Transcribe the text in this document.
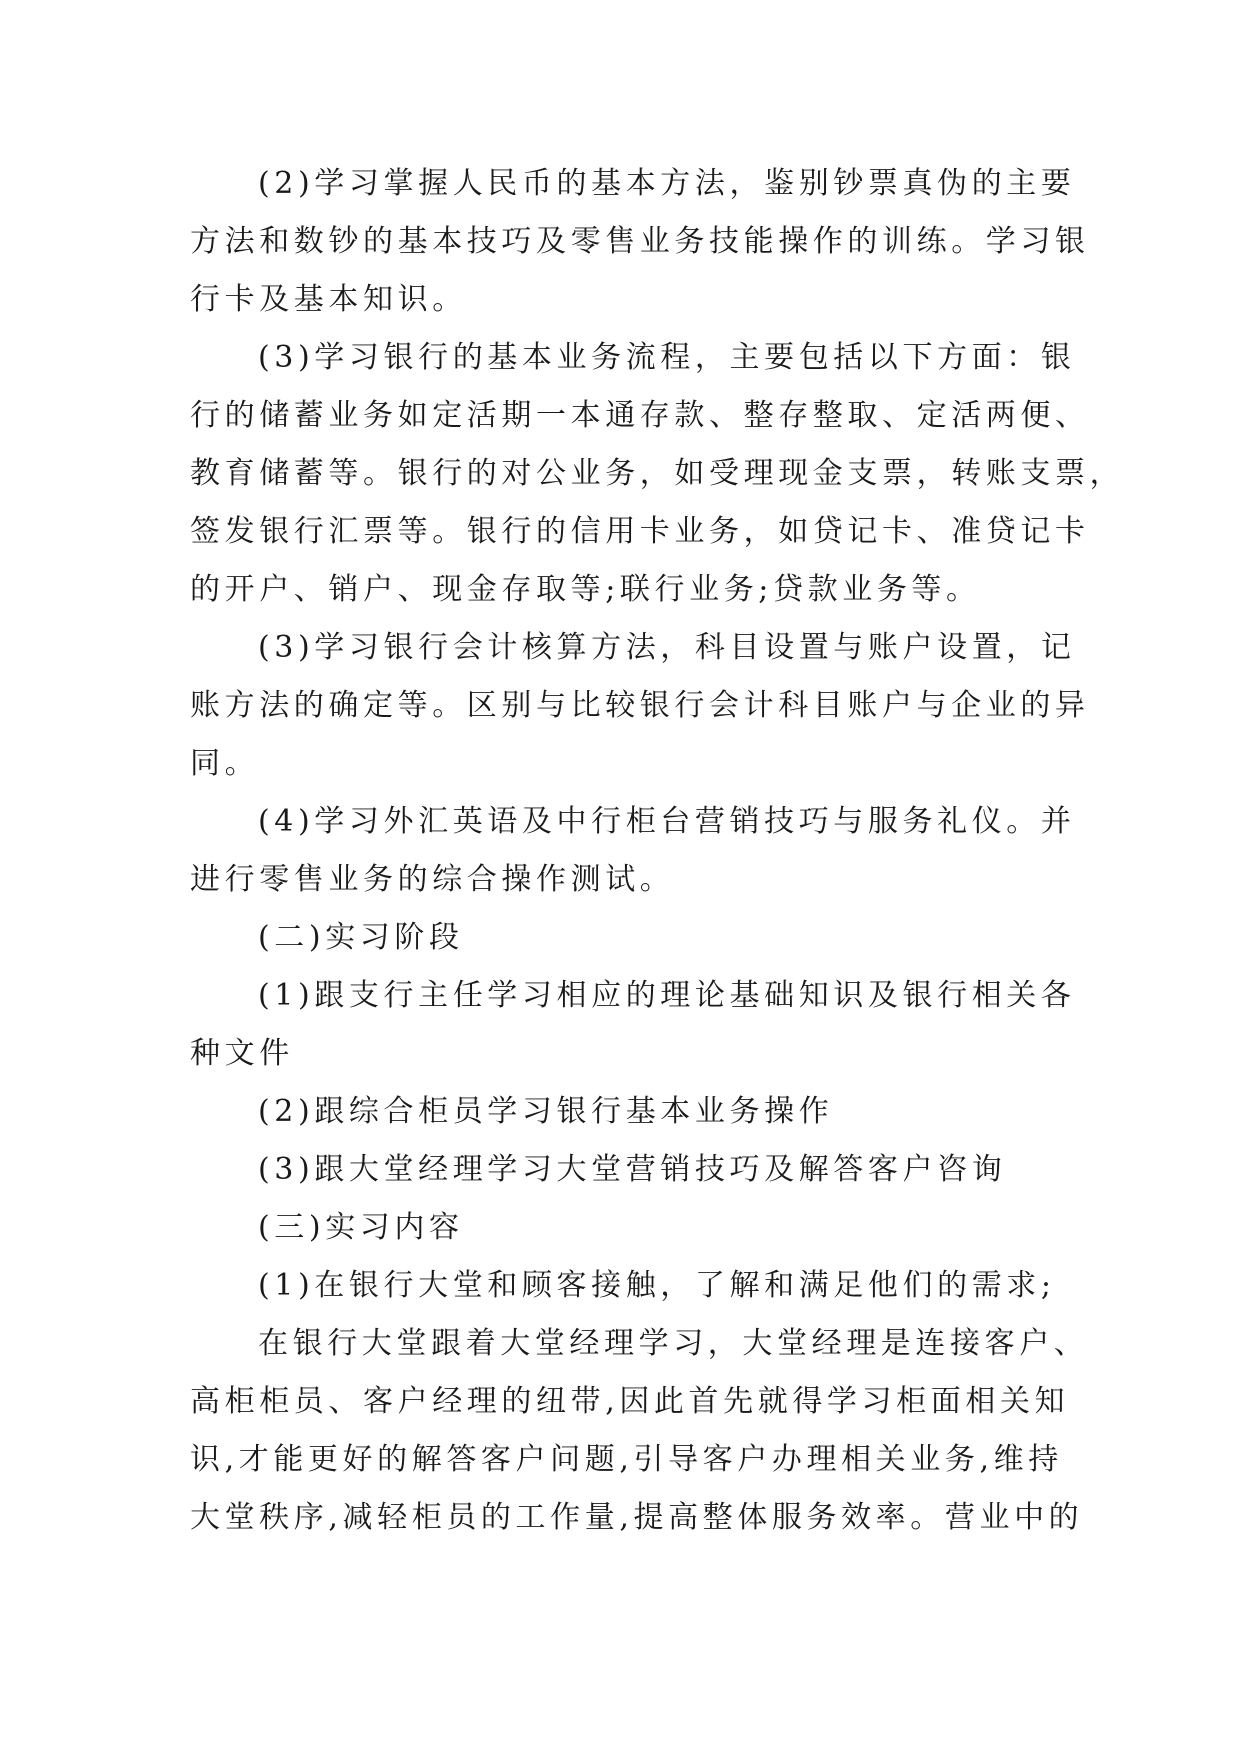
(2)学习掌握人民币的基本方法，鉴别钞票真伪的主要
方法和数钞的基本技巧及零售业务技能操作的训练。学习银
行卡及基本知识。

(3)学习银行的基本业务流程，主要包括以下方面：银
行的储蓄业务如定活期一本通存款、整存整取、定活两便、
教育储蓄等。银行的对公业务，如受理现金支票，转账支票，
签发银行汇票等。银行的信用卡业务，如贷记卡、准贷记卡
的开户、销户、现金存取等;联行业务;贷款业务等。

(3)学习银行会计核算方法，科目设置与账户设置，记
账方法的确定等。区别与比较银行会计科目账户与企业的异
同。

(4)学习外汇英语及中行柜台营销技巧与服务礼仪。并
进行零售业务的综合操作测试。

(二)实习阶段

(1)跟支行主任学习相应的理论基础知识及银行相关各
种文件

(2)跟综合柜员学习银行基本业务操作

(3)跟大堂经理学习大堂营销技巧及解答客户咨询

(三)实习内容

(1)在银行大堂和顾客接触，了解和满足他们的需求;

在银行大堂跟着大堂经理学习，大堂经理是连接客户、
高柜柜员、客户经理的纽带,因此首先就得学习柜面相关知
识,才能更好的解答客户问题,引导客户办理相关业务,维持
大堂秩序,减轻柜员的工作量,提高整体服务效率。营业中的
